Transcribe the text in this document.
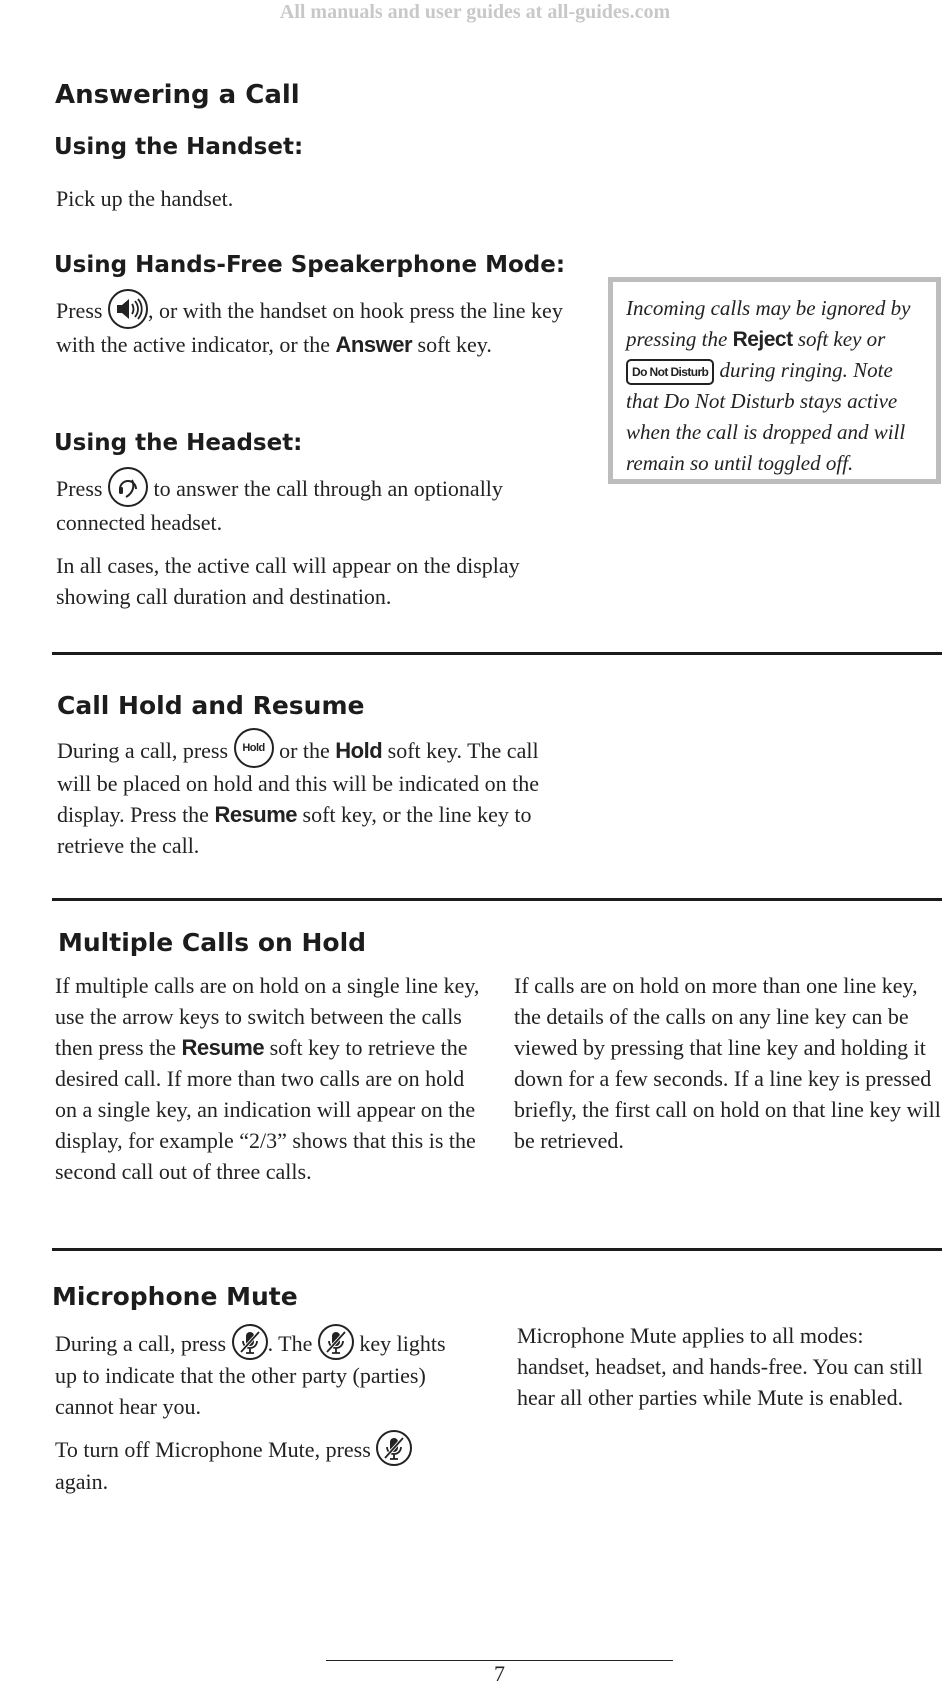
All manuals and user guides at all-guides.com
Answering a Call
Using the Handset:

Pick up the handset.

Using Hands-Free Speakerphone Mode:

Press
, or with the handset on hook press the line key with the active indicator, or the Answer soft key.

Using the Headset:

Press
to answer the call through an optionally connected headset.

In all cases, the active call will appear on the display showing call duration and destination.

Incoming calls may be ignored by pressing the Reject soft key or Do Not Disturb during ringing. Note that Do Not Disturb stays active when the call is dropped and will remain so until toggled off.

Call Hold and Resume

During a call, press Hold or the Hold soft key. The call will be placed on hold and this will be indicated on the display. Press the Resume soft key, or the line key to retrieve the call.

Multiple Calls on Hold

If multiple calls are on hold on a single line key, use the arrow keys to switch between the calls then press the Resume soft key to retrieve the desired call. If more than two calls are on hold on a single key, an indication will appear on the display, for example “2/3” shows that this is the second call out of three calls.

If calls are on hold on more than one line key, the details of the calls on any line key can be viewed by pressing that line key and holding it down for a few seconds. If a line key is pressed briefly, the first call on hold on that line key will be retrieved.

Microphone Mute

During a call, press
. The
key lights up to indicate that the other party (parties) cannot hear you.

To turn off Microphone Mute, press
again.

Microphone Mute applies to all modes: handset, headset, and hands-free. You can still hear all other parties while Mute is enabled.

7
